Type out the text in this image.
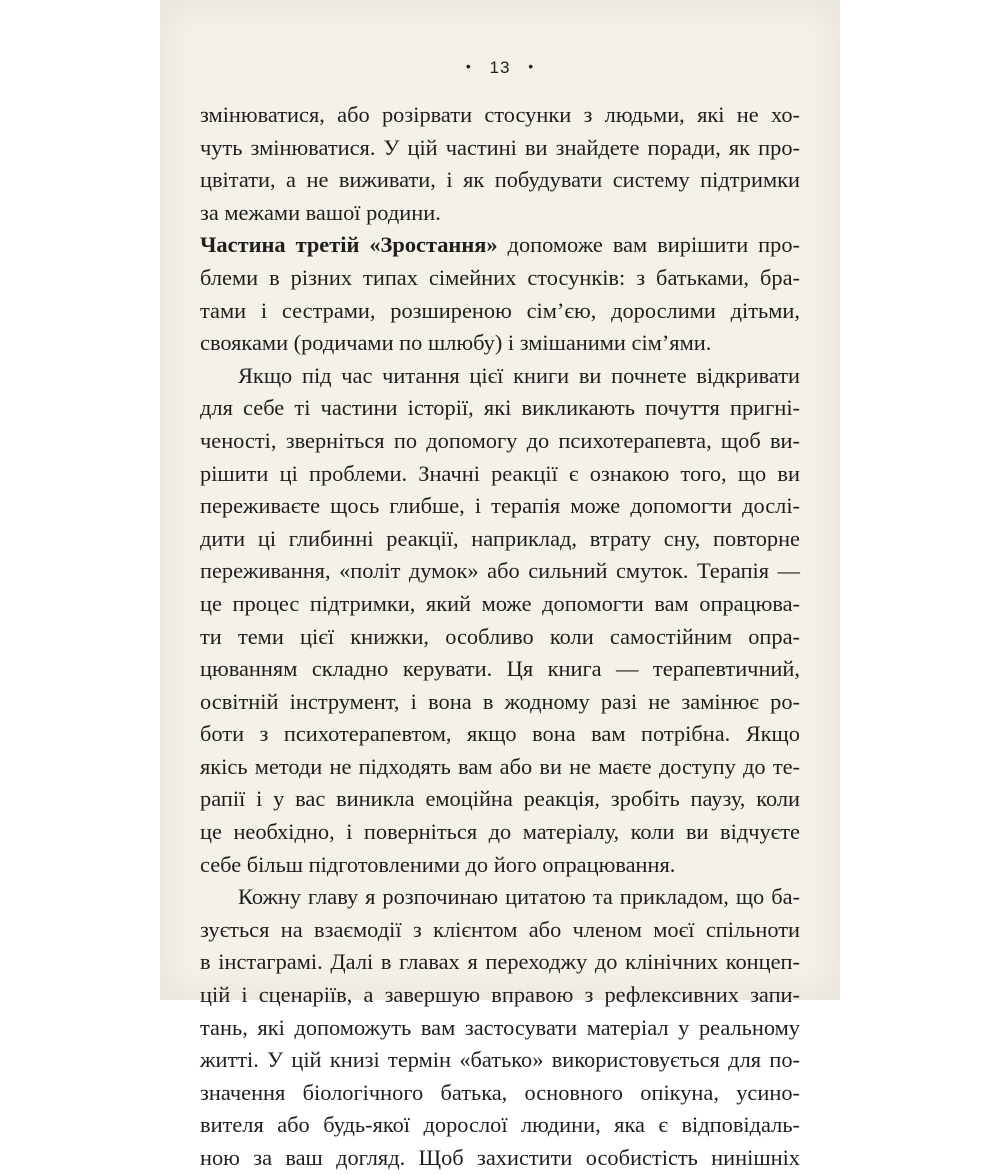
• 13 •
змінюватися, або розірвати стосунки з людьми, які не хо-
чуть змінюватися. У цій частині ви знайдете поради, як про-
цвітати, а не виживати, і як побудувати систему підтримки
за межами вашої родини.
Частина третій «Зростання» допоможе вам вирішити про-
блеми в різних типах сімейних стосунків: з батьками, бра-
тами і сестрами, розширеною сім’єю, дорослими дітьми,
свояками (родичами по шлюбу) і змішаними сім’ями.
Якщо під час читання цієї книги ви почнете відкривати
для себе ті частини історії, які викликають почуття пригні-
ченості, зверніться по допомогу до психотерапевта, щоб ви-
рішити ці проблеми. Значні реакції є ознакою того, що ви
переживаєте щось глибше, і терапія може допомогти дослі-
дити ці глибинні реакції, наприклад, втрату сну, повторне
переживання, «політ думок» або сильний смуток. Терапія —
це процес підтримки, який може допомогти вам опрацюва-
ти теми цієї книжки, особливо коли самостійним опра-
цюванням складно керувати. Ця книга — терапевтичний,
освітній інструмент, і вона в жодному разі не замінює ро-
боти з психотерапевтом, якщо вона вам потрібна. Якщо
якісь методи не підходять вам або ви не маєте доступу до те-
рапії і у вас виникла емоційна реакція, зробіть паузу, коли
це необхідно, і поверніться до матеріалу, коли ви відчуєте
себе більш підготовленими до його опрацювання.
Кожну главу я розпочинаю цитатою та прикладом, що ба-
зується на взаємодії з клієнтом або членом моєї спільноти
в інстаграмі. Далі в главах я переходжу до клінічних концеп-
цій і сценаріїв, а завершую вправою з рефлексивних запи-
тань, які допоможуть вам застосувати матеріал у реальному
житті. У цій книзі термін «батько» використовується для по-
значення біологічного батька, основного опікуна, усино-
вителя або будь-якої дорослої людини, яка є відповідаль-
ною за ваш догляд. Щоб захистити особистість нинішніх
